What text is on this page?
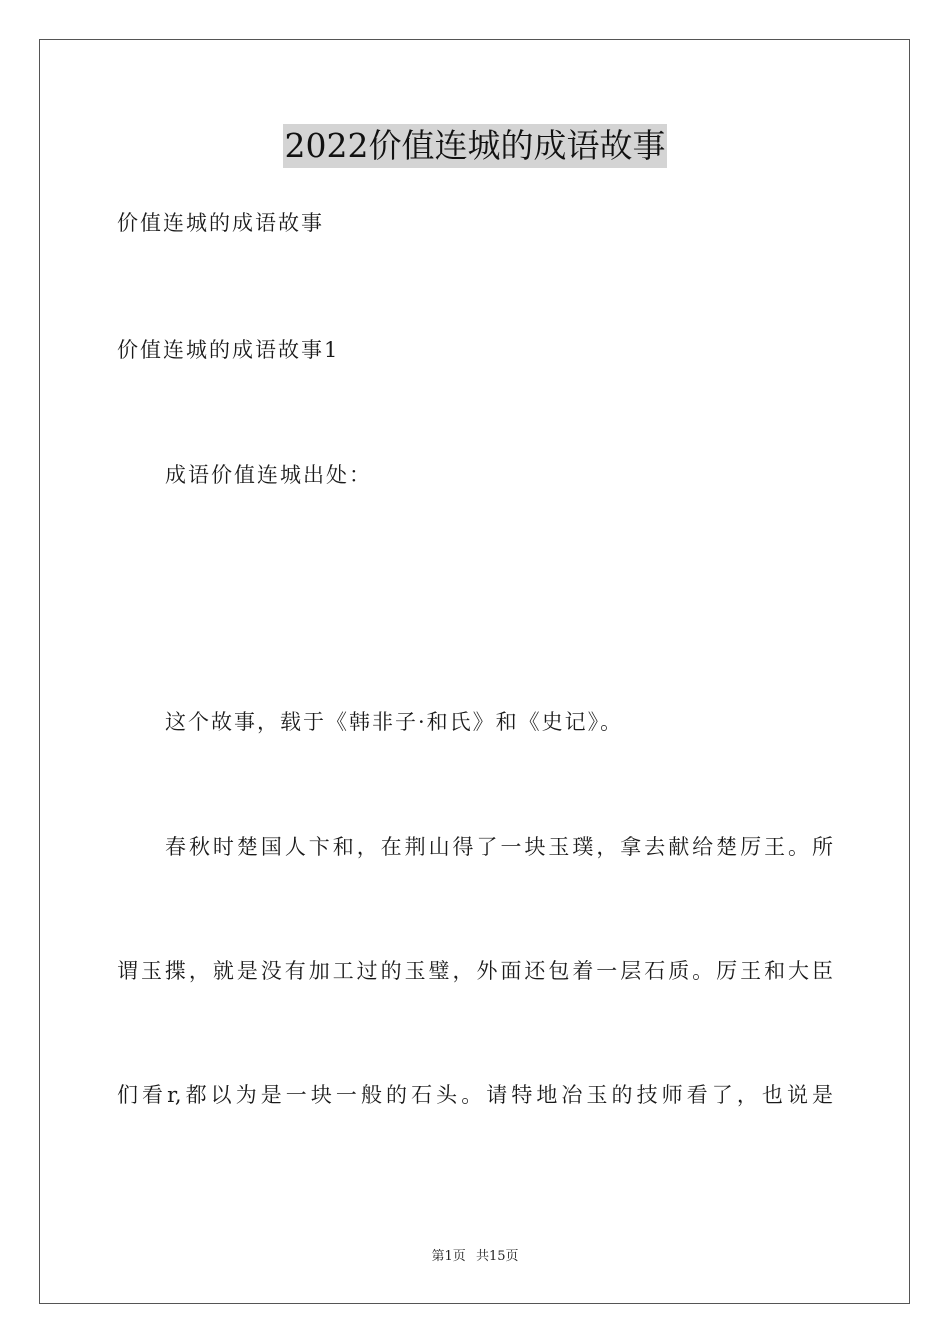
2022价值连城的成语故事
价值连城的成语故事
价值连城的成语故事1
成语价值连城出处：
这个故事，载于《韩非子·和氏》和《史记》。
春秋时楚国人卞和，在荆山得了一块玉璞，拿去献给楚厉王。所
谓玉揲，就是没有加工过的玉璧，外面还包着一层石质。厉王和大臣
们看r,都以为是一块一般的石头。请特地冶玉的技师看了，也说是
第1页 共15页
